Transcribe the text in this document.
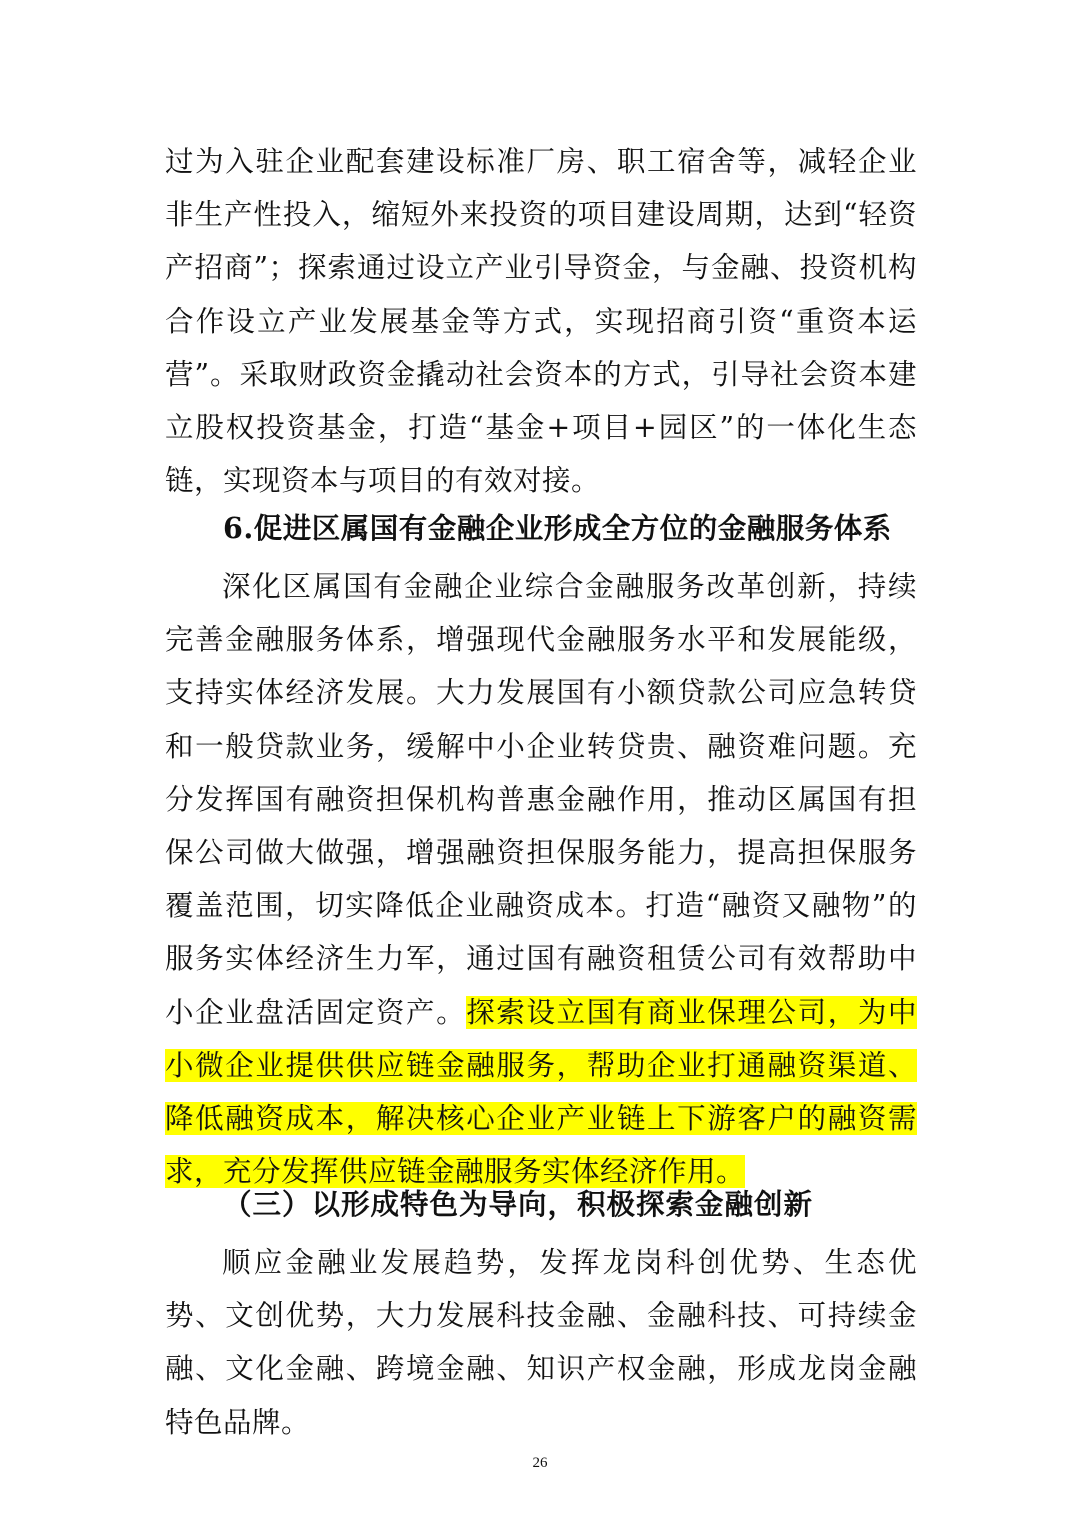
过为入驻企业配套建设标准厂房、职工宿舍等，减轻企业非生产性投入，缩短外来投资的项目建设周期，达到“轻资产招商”；探索通过设立产业引导资金，与金融、投资机构合作设立产业发展基金等方式，实现招商引资“重资本运营”。采取财政资金撬动社会资本的方式，引导社会资本建立股权投资基金，打造“基金+项目+园区”的一体化生态链，实现资本与项目的有效对接。
6.促进区属国有金融企业形成全方位的金融服务体系
深化区属国有金融企业综合金融服务改革创新，持续完善金融服务体系，增强现代金融服务水平和发展能级，支持实体经济发展。大力发展国有小额贷款公司应急转贷和一般贷款业务，缓解中小企业转贷贵、融资难问题。充分发挥国有融资担保机构普惠金融作用，推动区属国有担保公司做大做强，增强融资担保服务能力，提高担保服务覆盖范围，切实降低企业融资成本。打造“融资又融物”的服务实体经济生力军，通过国有融资租赁公司有效帮助中小企业盘活固定资产。探索设立国有商业保理公司，为中小微企业提供供应链金融服务，帮助企业打通融资渠道、降低融资成本，解决核心企业产业链上下游客户的融资需求，充分发挥供应链金融服务实体经济作用。
（三）以形成特色为导向，积极探索金融创新
顺应金融业发展趋势，发挥龙岗科创优势、生态优势、文创优势，大力发展科技金融、金融科技、可持续金融、文化金融、跨境金融、知识产权金融，形成龙岗金融特色品牌。
26
